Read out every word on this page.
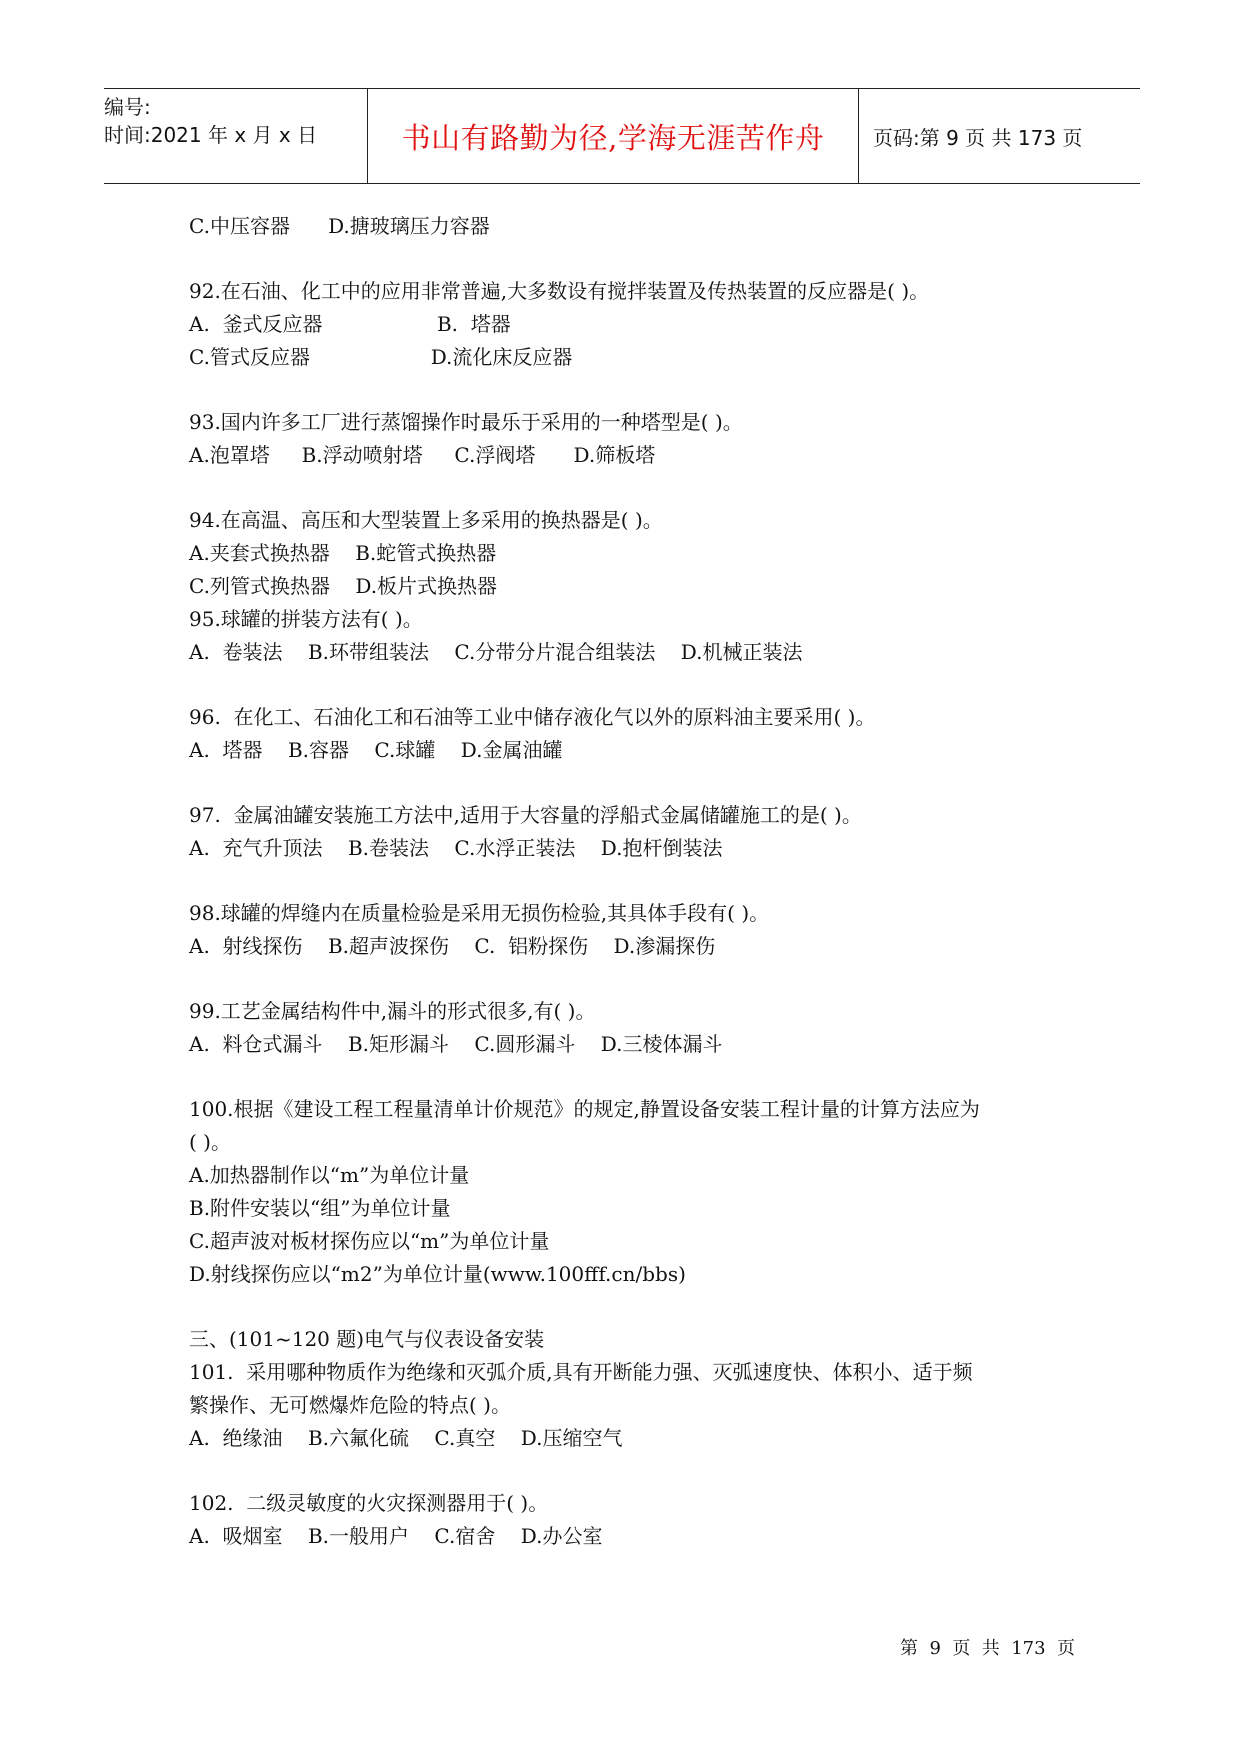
编号:
时间:2021 年 x 月 x 日	书山有路勤为径,学海无涯苦作舟 页码:第 9 页 共 173 页
C.中压容器      D.搪玻璃压力容器
92.在石油、化工中的应用非常普遍,大多数设有搅拌装置及传热装置的反应器是( )。
A.  釜式反应器                  B.  塔器
C.管式反应器                   D.流化床反应器
93.国内许多工厂进行蒸馏操作时最乐于采用的一种塔型是( )。
A.泡罩塔     B.浮动喷射塔     C.浮阀塔      D.筛板塔
94.在高温、高压和大型装置上多采用的换热器是( )。
A.夹套式换热器    B.蛇管式换热器
C.列管式换热器    D.板片式换热器
95.球罐的拼装方法有( )。
A.  卷装法    B.环带组装法    C.分带分片混合组装法    D.机械正装法
96.  在化工、石油化工和石油等工业中储存液化气以外的原料油主要采用( )。
A.  塔器    B.容器    C.球罐    D.金属油罐
97.  金属油罐安装施工方法中,适用于大容量的浮船式金属储罐施工的是( )。
A.  充气升顶法    B.卷装法    C.水浮正装法    D.抱杆倒装法
98.球罐的焊缝内在质量检验是采用无损伤检验,其具体手段有( )。
A.  射线探伤    B.超声波探伤    C.  铝粉探伤    D.渗漏探伤
99.工艺金属结构件中,漏斗的形式很多,有( )。
A.  料仓式漏斗    B.矩形漏斗    C.圆形漏斗    D.三棱体漏斗
100.根据《建设工程工程量清单计价规范》的规定,静置设备安装工程计量的计算方法应为
( )。
A.加热器制作以“m”为单位计量
B.附件安装以“组”为单位计量
C.超声波对板材探伤应以“m”为单位计量
D.射线探伤应以“m2”为单位计量(www.100fff.cn/bbs)
三、(101~120 题)电气与仪表设备安装
101.  采用哪种物质作为绝缘和灭弧介质,具有开断能力强、灭弧速度快、体积小、适于频
繁操作、无可燃爆炸危险的特点( )。
A.  绝缘油    B.六氟化硫    C.真空    D.压缩空气
102.  二级灵敏度的火灾探测器用于( )。
A.  吸烟室    B.一般用户    C.宿舍    D.办公室
第  9  页  共  173  页
